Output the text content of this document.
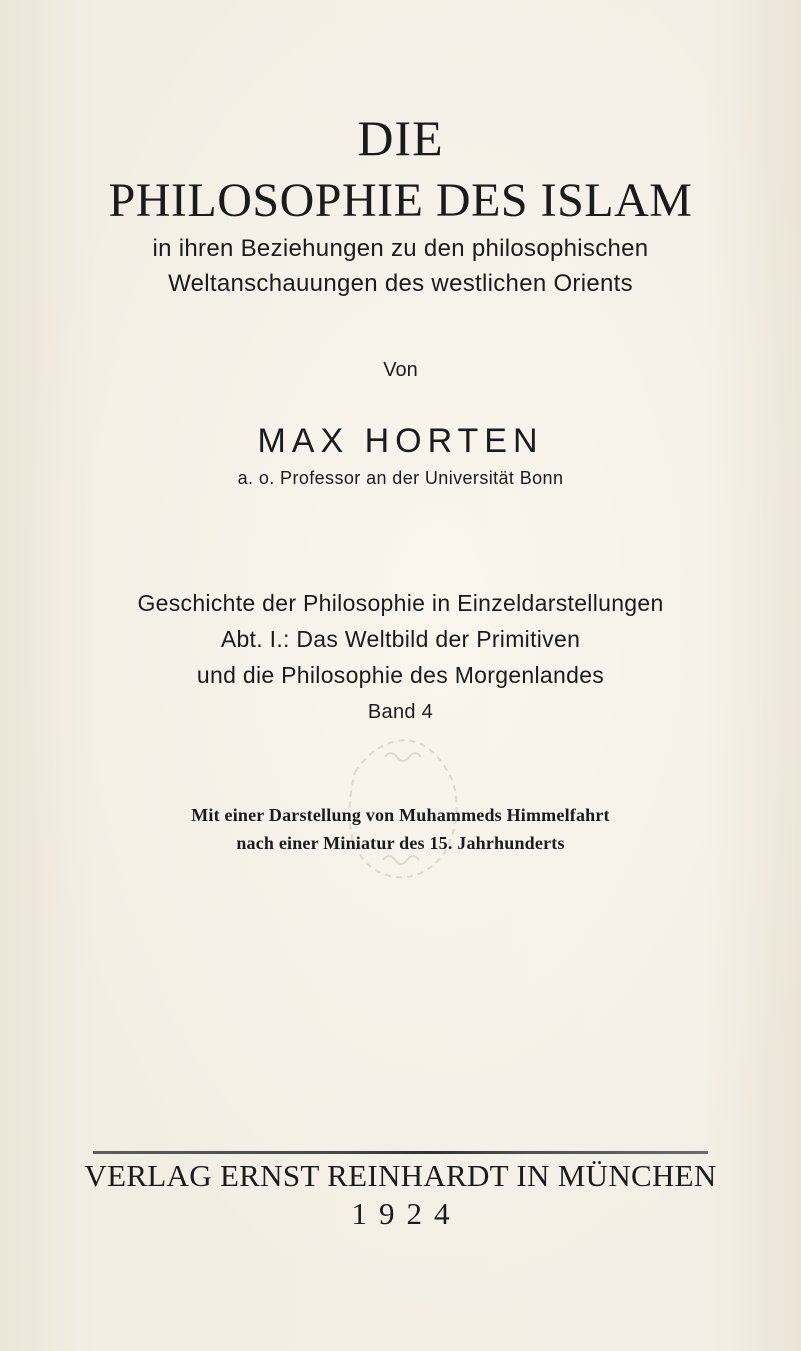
DIE
PHILOSOPHIE DES ISLAM
in ihren Beziehungen zu den philosophischen
Weltanschauungen des westlichen Orients
Von
MAX HORTEN
a. o. Professor an der Universität Bonn
Geschichte der Philosophie in Einzeldarstellungen
Abt. I.: Das Weltbild der Primitiven
und die Philosophie des Morgenlandes
Band 4
Mit einer Darstellung von Muhammeds Himmelfahrt
nach einer Miniatur des 15. Jahrhunderts
VERLAG ERNST REINHARDT IN MÜNCHEN
1924
